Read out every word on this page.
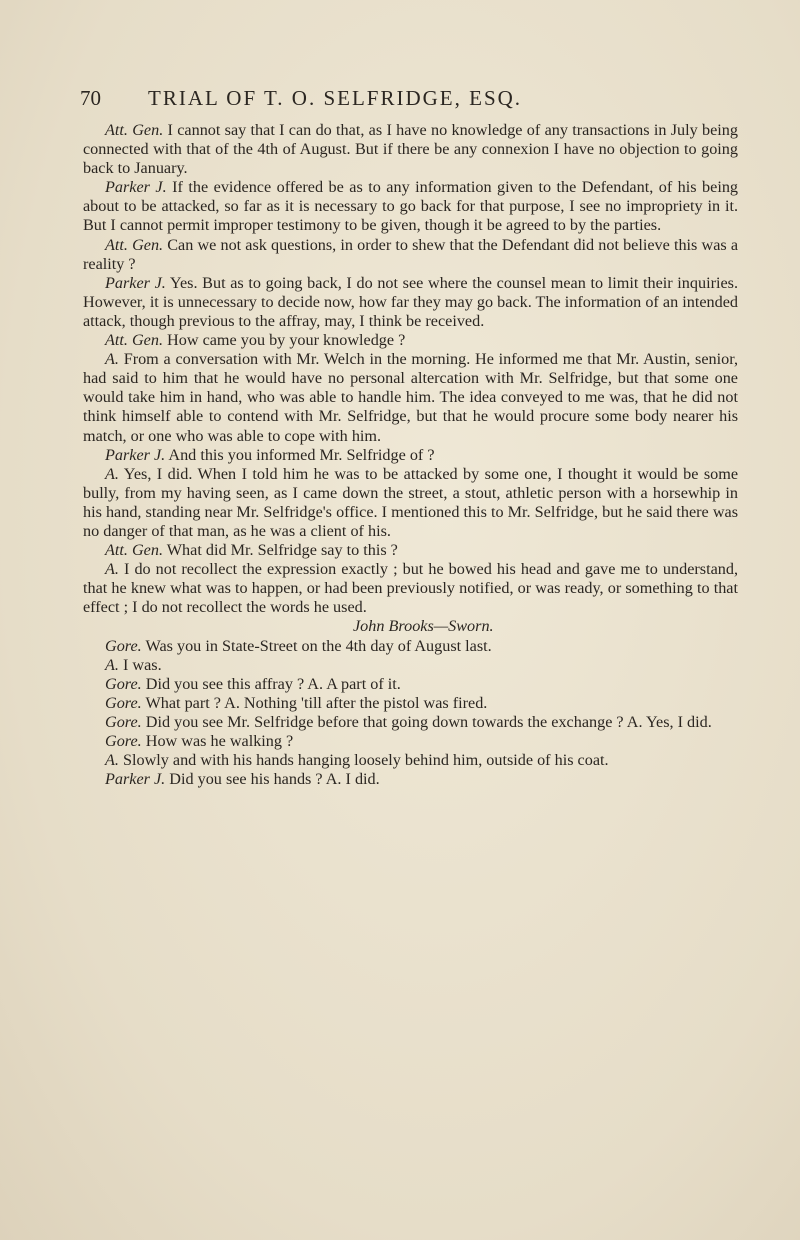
70 TRIAL OF T. O. SELFRIDGE, ESQ.

Att. Gen. I cannot say that I can do that, as I have no knowledge of any transactions in July being connected with that of the 4th of August. But if there be any connexion I have no objection to going back to January.

Parker J. If the evidence offered be as to any information given to the Defendant, of his being about to be attacked, so far as it is necessary to go back for that purpose, I see no impropriety in it. But I cannot permit improper testimony to be given, though it be agreed to by the parties.

Att. Gen. Can we not ask questions, in order to shew that the Defendant did not believe this was a reality ?

Parker J. Yes. But as to going back, I do not see where the counsel mean to limit their inquiries. However, it is unnecessary to decide now, how far they may go back. The information of an intended attack, though previous to the affray, may, I think be received.

Att. Gen. How came you by your knowledge ?

A. From a conversation with Mr. Welch in the morning. He informed me that Mr. Austin, senior, had said to him that he would have no personal altercation with Mr. Selfridge, but that some one would take him in hand, who was able to handle him. The idea conveyed to me was, that he did not think himself able to contend with Mr. Selfridge, but that he would procure some body nearer his match, or one who was able to cope with him.

Parker J. And this you informed Mr. Selfridge of ?

A. Yes, I did. When I told him he was to be attacked by some one, I thought it would be some bully, from my having seen, as I came down the street, a stout, athletic person with a horsewhip in his hand, standing near Mr. Selfridge's office. I mentioned this to Mr. Selfridge, but he said there was no danger of that man, as he was a client of his.

Att. Gen. What did Mr. Selfridge say to this ?

A. I do not recollect the expression exactly ; but he bowed his head and gave me to understand, that he knew what was to happen, or had been previously notified, or was ready, or something to that effect ; I do not recollect the words he used.

John Brooks—Sworn.

Gore. Was you in State-Street on the 4th day of August last.

A. I was.

Gore. Did you see this affray ? A. A part of it.

Gore. What part ? A. Nothing 'till after the pistol was fired.

Gore. Did you see Mr. Selfridge before that going down towards the exchange ? A. Yes, I did.

Gore. How was he walking ?

A. Slowly and with his hands hanging loosely behind him, outside of his coat.

Parker J. Did you see his hands ? A. I did.
